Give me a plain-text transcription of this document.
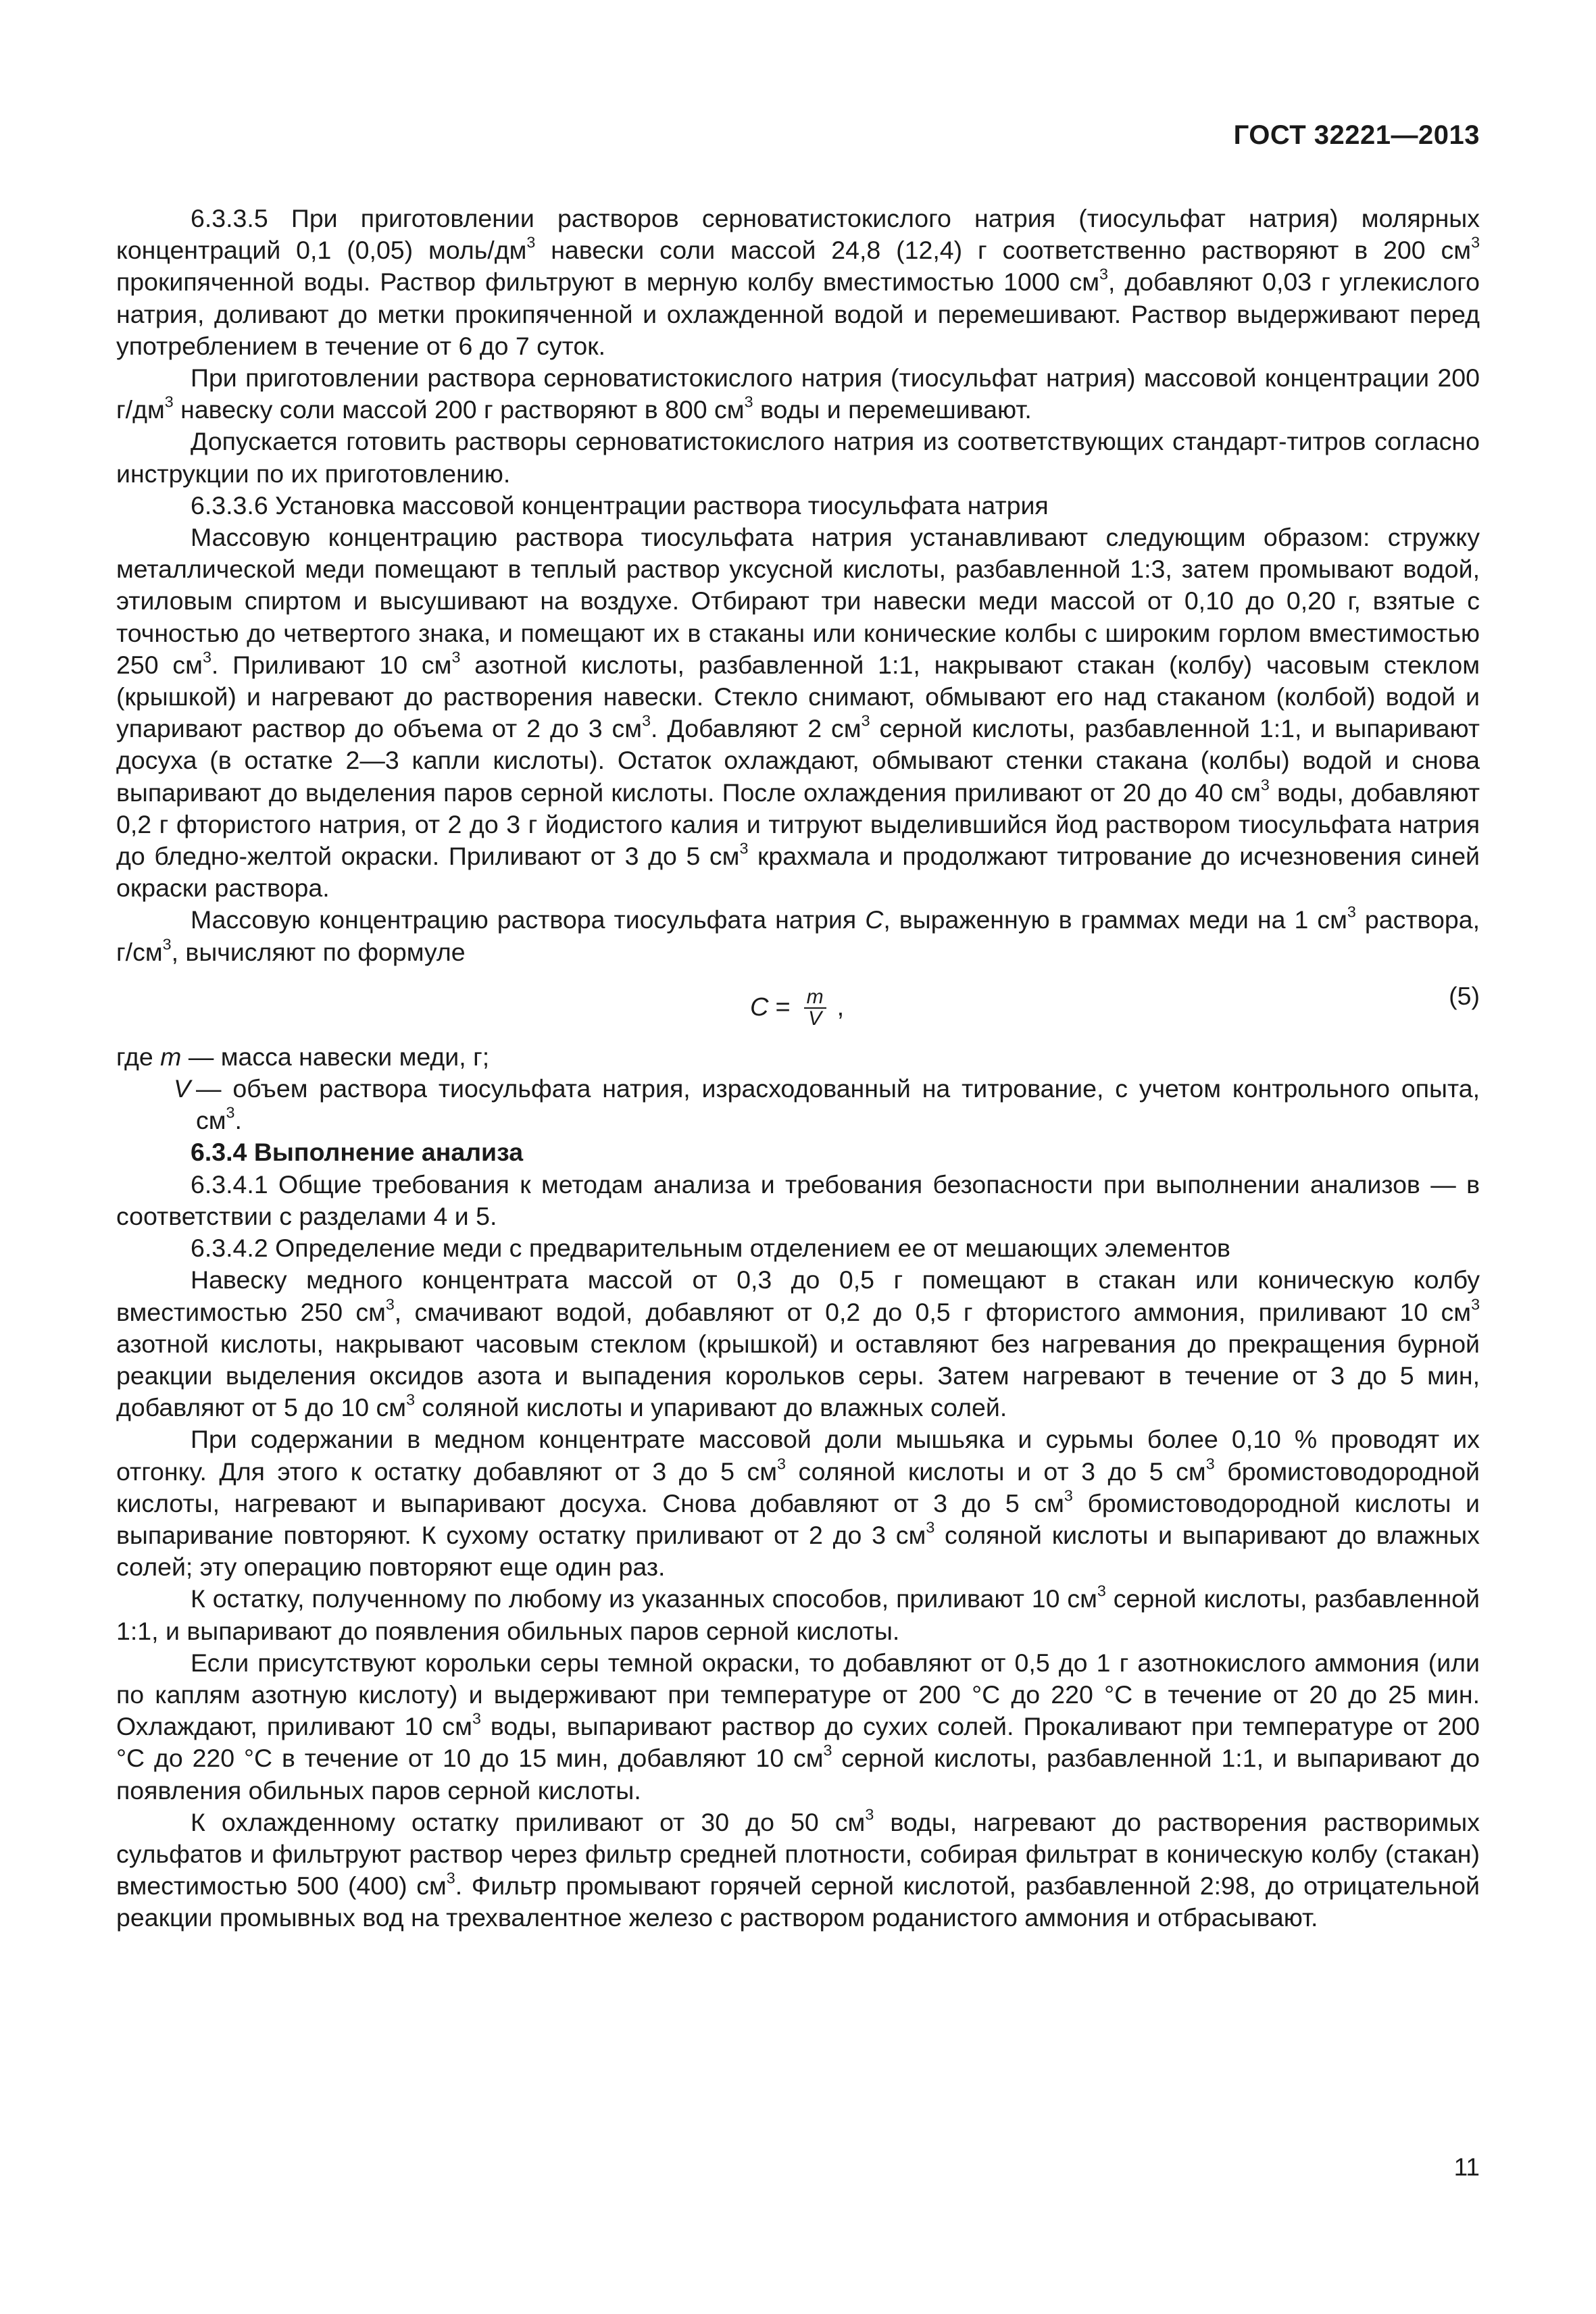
ГОСТ 32221—2013

6.3.3.5 При приготовлении растворов серноватистокислого натрия (тиосульфат натрия) молярных концентраций 0,1 (0,05) моль/$дм^3$ навески соли массой 24,8 (12,4) г соответственно растворяют в 200 $см^3$ прокипяченной воды. Раствор фильтруют в мерную колбу вместимостью 1000 $см^3$, добавляют 0,03 г углекислого натрия, доливают до метки прокипяченной и охлажденной водой и перемешивают. Раствор выдерживают перед употреблением в течение от 6 до 7 суток.

При приготовлении раствора серноватистокислого натрия (тиосульфат натрия) массовой концентрации 200 $г/дм^3$ навеску соли массой 200 г растворяют в 800 $см^3$ воды и перемешивают.

Допускается готовить растворы серноватистокислого натрия из соответствующих стандарт-титров согласно инструкции по их приготовлению.

6.3.3.6 Установка массовой концентрации раствора тиосульфата натрия

Массовую концентрацию раствора тиосульфата натрия устанавливают следующим образом: стружку металлической меди помещают в теплый раствор уксусной кислоты, разбавленной 1:3, затем промывают водой, этиловым спиртом и высушивают на воздухе. Отбирают три навески меди массой от 0,10 до 0,20 г, взятые с точностью до четвертого знака, и помещают их в стаканы или конические колбы с широким горлом вместимостью 250 $см^3$. Приливают 10 $см^3$ азотной кислоты, разбавленной 1:1, накрывают стакан (колбу) часовым стеклом (крышкой) и нагревают до растворения навески. Стекло снимают, обмывают его над стаканом (колбой) водой и упаривают раствор до объема от 2 до 3 $см^3$. Добавляют 2 $см^3$ серной кислоты, разбавленной 1:1, и выпаривают досуха (в остатке 2—3 капли кислоты). Остаток охлаждают, обмывают стенки стакана (колбы) водой и снова выпаривают до выделения паров серной кислоты. После охлаждения приливают от 20 до 40 $см^3$ воды, добавляют 0,2 г фтористого натрия, от 2 до 3 г йодистого калия и титруют выделившийся йод раствором тиосульфата натрия до бледно-желтой окраски. Приливают от 3 до 5 $см^3$ крахмала и продолжают титрование до исчезновения синей окраски раствора.

Массовую концентрацию раствора тиосульфата натрия С, выраженную в граммах меди на 1 $см^3$ раствора, $г/см^3$, вычисляют по формуле

$С = \frac{m}{V}$ ,	(5)

где m — масса навески меди, г;

V — объем раствора тиосульфата натрия, израсходованный на титрование, с учетом контрольного опыта, $см^3$.

6.3.4 Выполнение анализа

6.3.4.1 Общие требования к методам анализа и требования безопасности при выполнении анализов — в соответствии с разделами 4 и 5.

6.3.4.2 Определение меди с предварительным отделением ее от мешающих элементов

Навеску медного концентрата массой от 0,3 до 0,5 г помещают в стакан или коническую колбу вместимостью 250 $см^3$, смачивают водой, добавляют от 0,2 до 0,5 г фтористого аммония, приливают 10 $см^3$ азотной кислоты, накрывают часовым стеклом (крышкой) и оставляют без нагревания до прекращения бурной реакции выделения оксидов азота и выпадения корольков серы. Затем нагревают в течение от 3 до 5 мин, добавляют от 5 до 10 $см^3$ соляной кислоты и упаривают до влажных солей.

При содержании в медном концентрате массовой доли мышьяка и сурьмы более 0,10 % проводят их отгонку. Для этого к остатку добавляют от 3 до 5 $см^3$ соляной кислоты и от 3 до 5 $см^3$ бромистоводородной кислоты, нагревают и выпаривают досуха. Снова добавляют от 3 до 5 $см^3$ бромистоводородной кислоты и выпаривание повторяют. К сухому остатку приливают от 2 до 3 $см^3$ соляной кислоты и выпаривают до влажных солей; эту операцию повторяют еще один раз.

К остатку, полученному по любому из указанных способов, приливают 10 $см^3$ серной кислоты, разбавленной 1:1, и выпаривают до появления обильных паров серной кислоты.

Если присутствуют корольки серы темной окраски, то добавляют от 0,5 до 1 г азотнокислого аммония (или по каплям азотную кислоту) и выдерживают при температуре от 200 °С до 220 °С в течение от 20 до 25 мин. Охлаждают, приливают 10 $см^3$ воды, выпаривают раствор до сухих солей. Прокаливают при температуре от 200 °С до 220 °С в течение от 10 до 15 мин, добавляют 10 $см^3$ серной кислоты, разбавленной 1:1, и выпаривают до появления обильных паров серной кислоты.

К охлажденному остатку приливают от 30 до 50 $см^3$ воды, нагревают до растворения растворимых сульфатов и фильтруют раствор через фильтр средней плотности, собирая фильтрат в коническую колбу (стакан) вместимостью 500 (400) $см^3$. Фильтр промывают горячей серной кислотой, разбавленной 2:98, до отрицательной реакции промывных вод на трехвалентное железо с раствором роданистого аммония и отбрасывают.

11
